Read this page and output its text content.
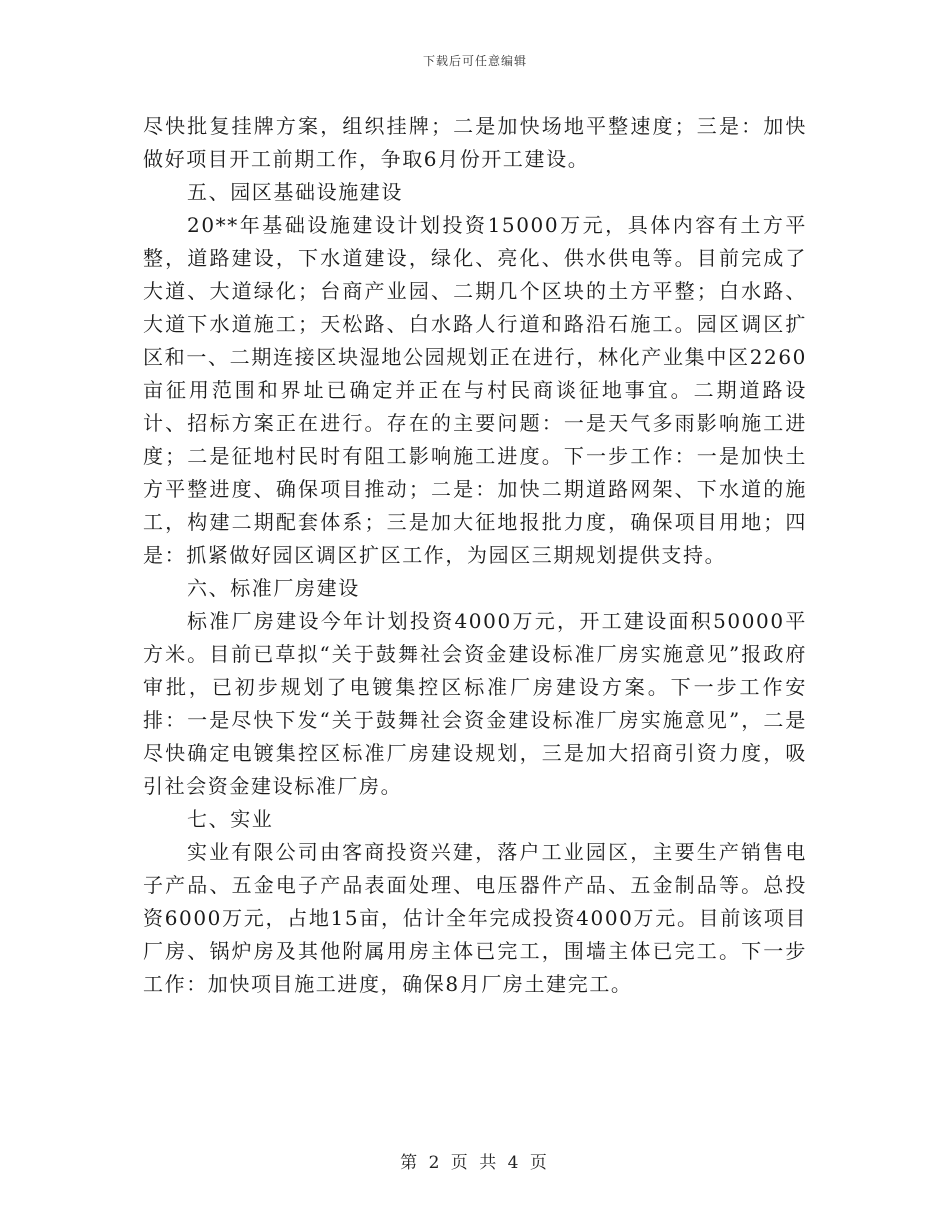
下载后可任意编辑

尽快批复挂牌方案，组织挂牌；二是加快场地平整速度；三是：加快做好项目开工前期工作，争取6月份开工建设。

五、园区基础设施建设

20**年基础设施建设计划投资15000万元，具体内容有土方平整，道路建设，下水道建设，绿化、亮化、供水供电等。目前完成了大道、大道绿化；台商产业园、二期几个区块的土方平整；白水路、大道下水道施工；天松路、白水路人行道和路沿石施工。园区调区扩区和一、二期连接区块湿地公园规划正在进行，林化产业集中区2260亩征用范围和界址已确定并正在与村民商谈征地事宜。二期道路设计、招标方案正在进行。存在的主要问题：一是天气多雨影响施工进度；二是征地村民时有阻工影响施工进度。下一步工作：一是加快土方平整进度、确保项目推动；二是：加快二期道路网架、下水道的施工，构建二期配套体系；三是加大征地报批力度，确保项目用地；四是：抓紧做好园区调区扩区工作，为园区三期规划提供支持。

六、标准厂房建设

标准厂房建设今年计划投资4000万元，开工建设面积50000平方米。目前已草拟“关于鼓舞社会资金建设标准厂房实施意见”报政府审批，已初步规划了电镀集控区标准厂房建设方案。下一步工作安排：一是尽快下发“关于鼓舞社会资金建设标准厂房实施意见”，二是尽快确定电镀集控区标准厂房建设规划，三是加大招商引资力度，吸引社会资金建设标准厂房。

七、实业

实业有限公司由客商投资兴建，落户工业园区，主要生产销售电子产品、五金电子产品表面处理、电压器件产品、五金制品等。总投资6000万元，占地15亩，估计全年完成投资4000万元。目前该项目厂房、锅炉房及其他附属用房主体已完工，围墙主体已完工。下一步工作：加快项目施工进度，确保8月厂房土建完工。

第 2 页 共 4 页
